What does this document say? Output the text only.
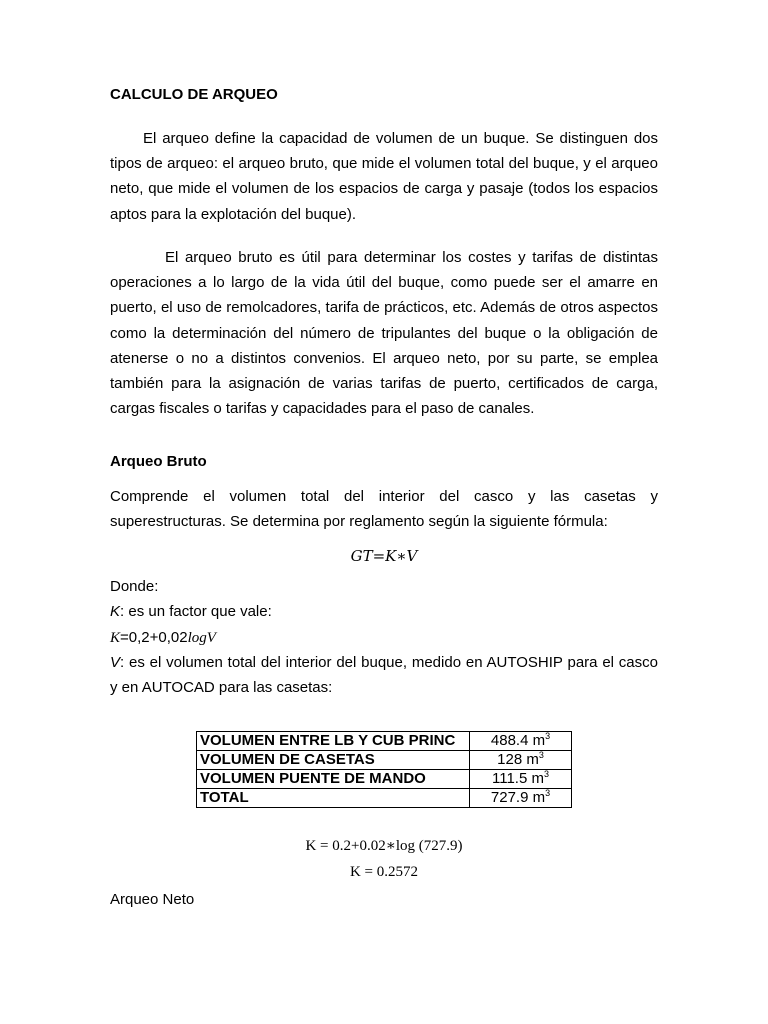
CALCULO DE ARQUEO

El arqueo define la capacidad de volumen de un buque. Se distinguen dos tipos de arqueo: el arqueo bruto, que mide el volumen total del buque, y el arqueo neto, que mide el volumen de los espacios de carga y pasaje (todos los espacios aptos para la explotación del buque).

El arqueo bruto es útil para determinar los costes y tarifas de distintas operaciones a lo largo de la vida útil del buque, como puede ser el amarre en puerto, el uso de remolcadores, tarifa de prácticos, etc. Además de otros aspectos como la determinación del número de tripulantes del buque o la obligación de atenerse o no a distintos convenios. El arqueo neto, por su parte, se emplea también para la asignación de varias tarifas de puerto, certificados de carga, cargas fiscales o tarifas y capacidades para el paso de canales.

Arqueo Bruto

Comprende el volumen total del interior del casco y las casetas y superestructuras. Se determina por reglamento según la siguiente fórmula:

GT=K∗V
Donde:
K: es un factor que vale:
K=0,2+0,02logV

V: es el volumen total del interior del buque, medido en AUTOSHIP para el casco y en AUTOCAD para las casetas:

VOLUMEN ENTRE LB Y CUB PRINC	488.4 $m^3$
VOLUMEN DE CASETAS	128 $m^3$
VOLUMEN PUENTE DE MANDO	111.5 $m^3$
TOTAL	727.9 $m^3$
K = 0.2+0.02∗log (727.9)
K = 0.2572
Arqueo Neto
